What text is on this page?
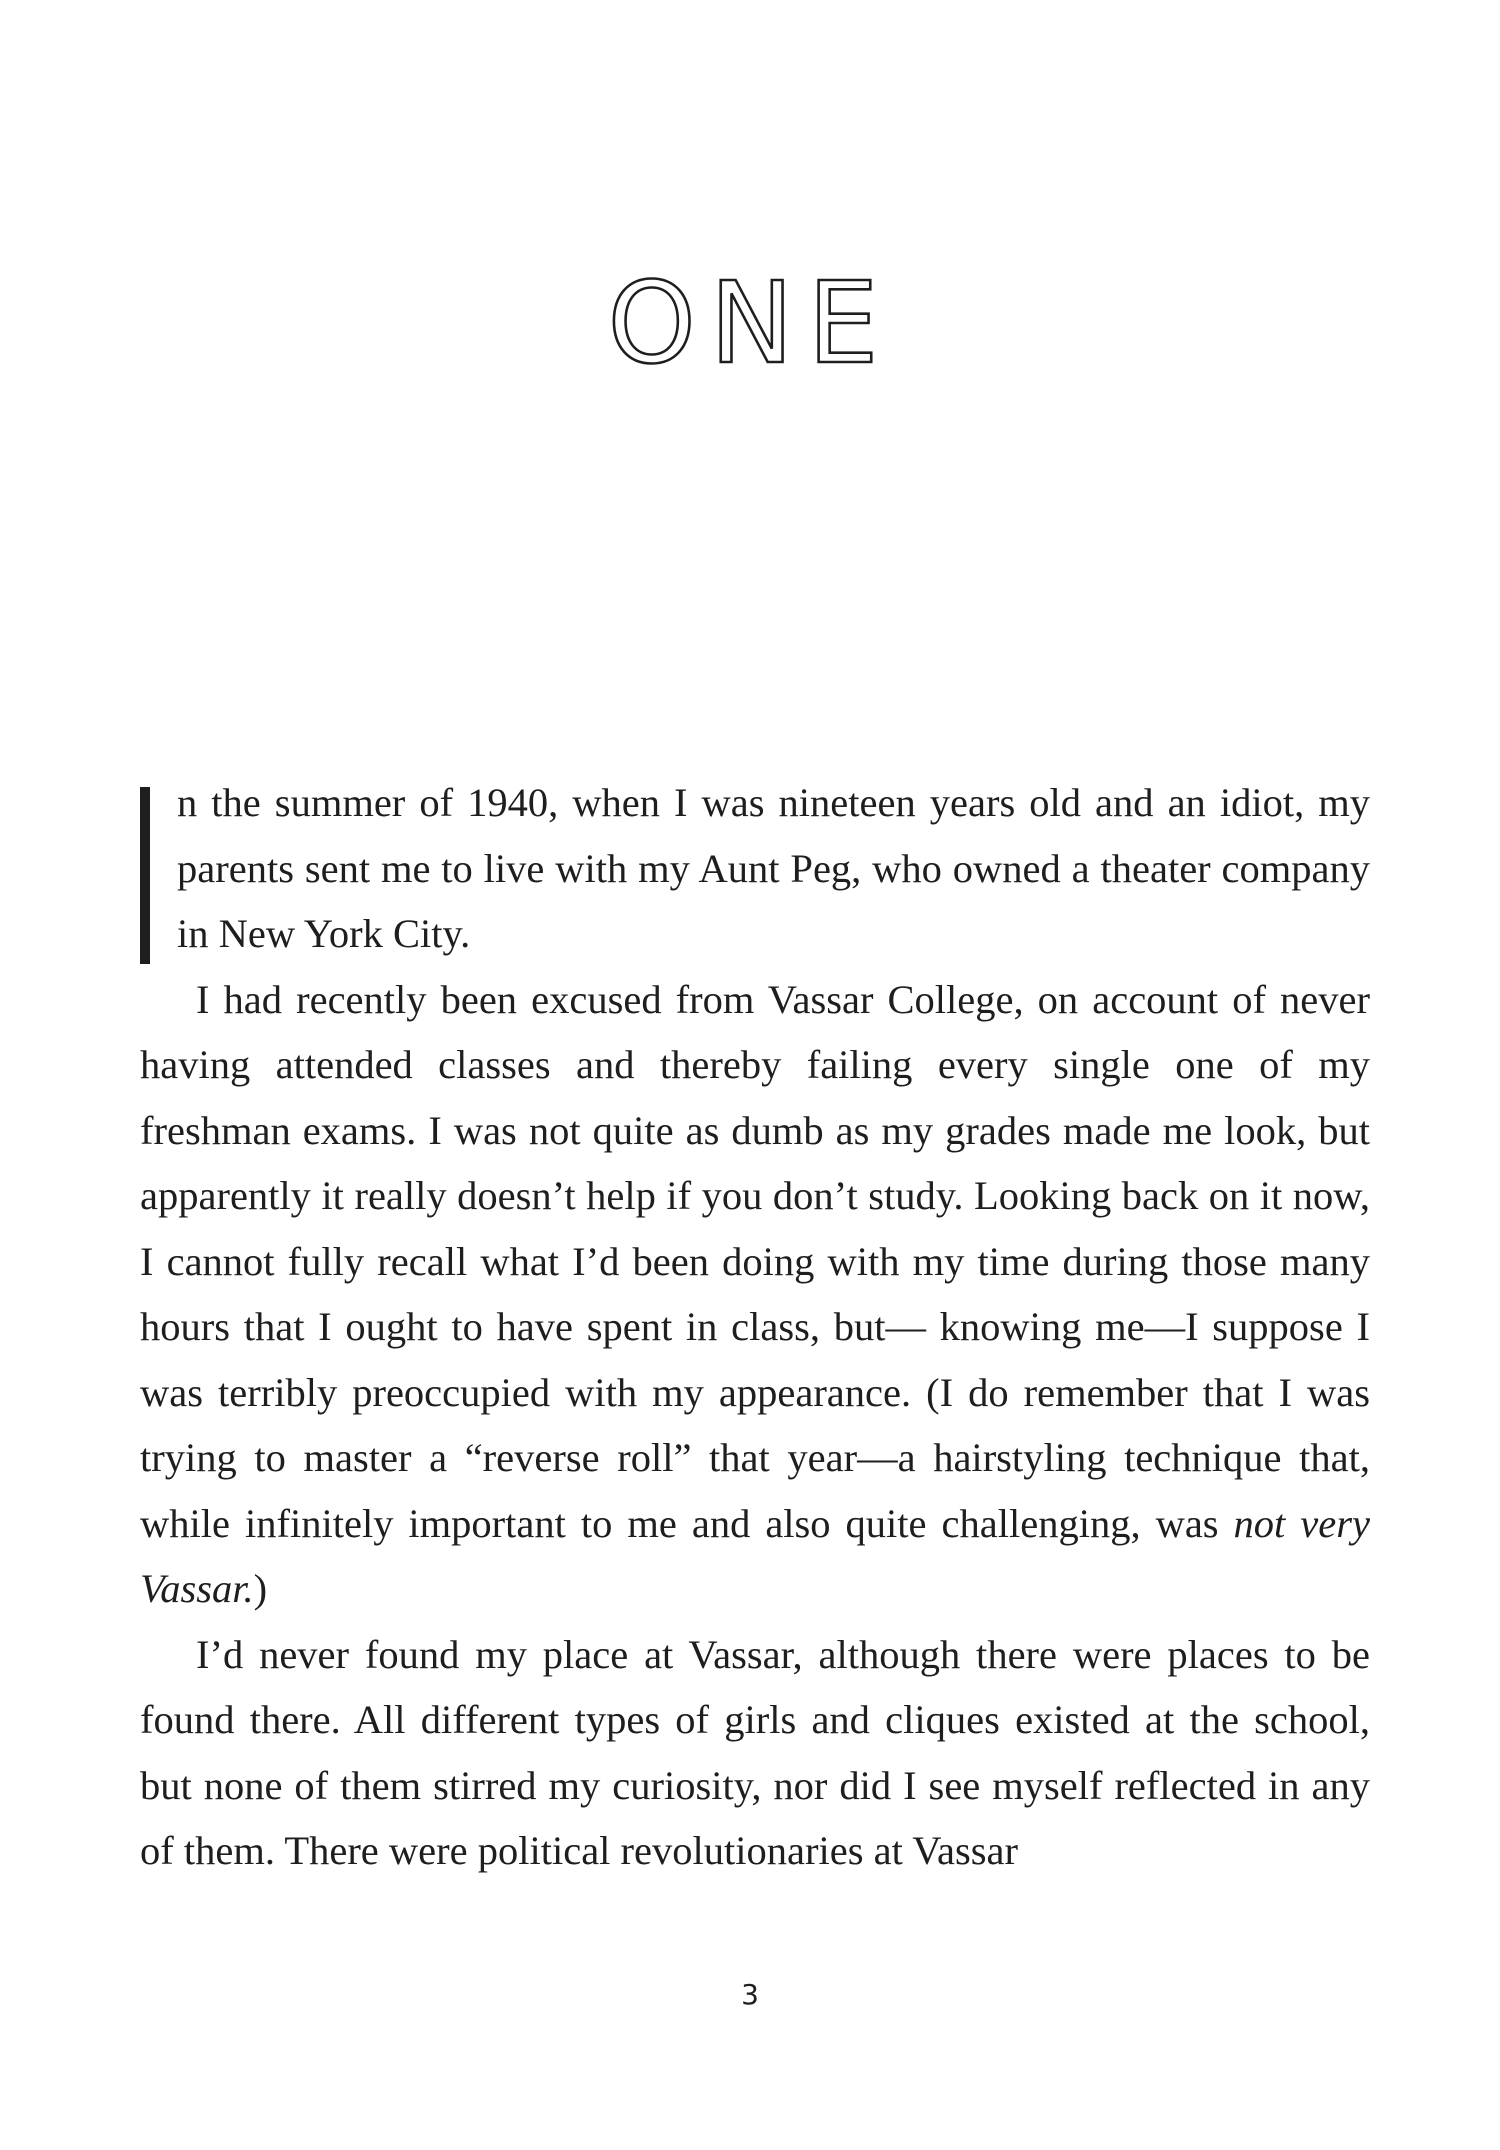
ONE

n the summer of 1940, when I was nineteen years old and an idiot, my parents sent me to live with my Aunt Peg, who owned a theater company in New York City.

I had recently been excused from Vassar College, on account of never having attended classes and thereby failing every single one of my freshman exams. I was not quite as dumb as my grades made me look, but apparently it really doesn’t help if you don’t study. Looking back on it now, I cannot fully recall what I’d been doing with my time during those many hours that I ought to have spent in class, but— knowing me—I suppose I was terribly preoccupied with my appearance. (I do remember that I was trying to master a “reverse roll” that year—a hairstyling technique that, while infinitely important to me and also quite challenging, was not very Vassar.)

I’d never found my place at Vassar, although there were places to be found there. All different types of girls and cliques existed at the school, but none of them stirred my curiosity, nor did I see myself reflected in any of them. There were political revolutionaries at Vassar

3
